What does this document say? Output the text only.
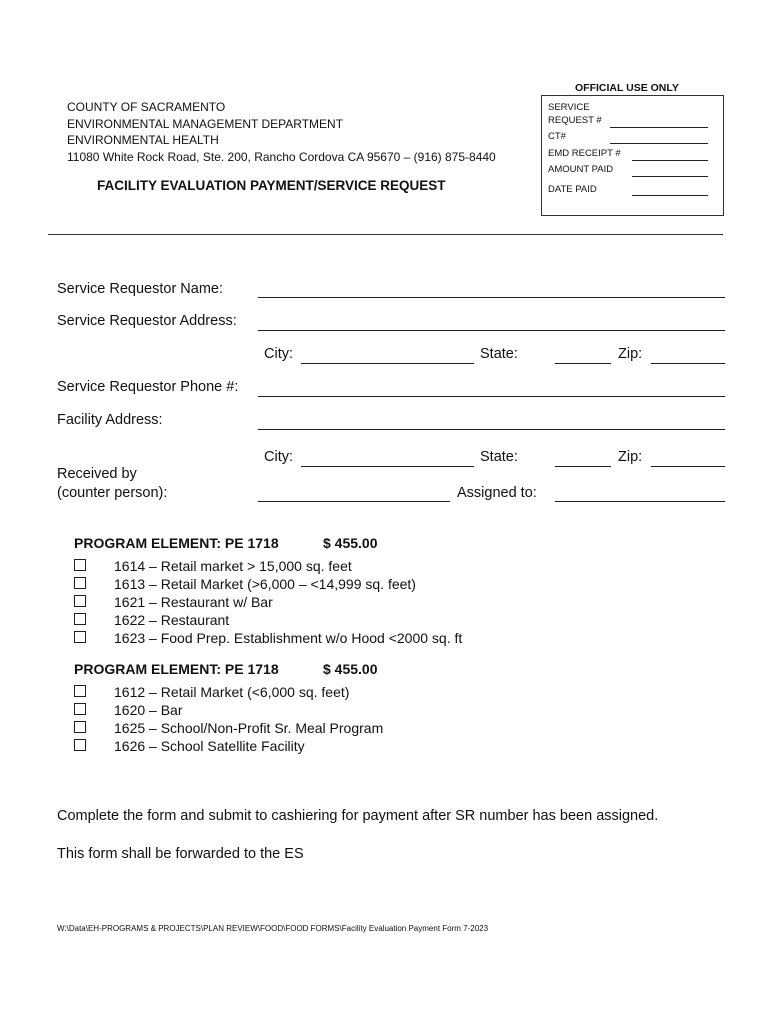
OFFICIAL USE ONLY
SERVICE
REQUEST #
CT#
EMD RECEIPT #
AMOUNT PAID
DATE PAID
COUNTY OF SACRAMENTO
ENVIRONMENTAL MANAGEMENT DEPARTMENT
ENVIRONMENTAL HEALTH
11080 White Rock Road, Ste. 200, Rancho Cordova CA 95670 – (916) 875-8440
FACILITY EVALUATION PAYMENT/SERVICE REQUEST
Service Requestor Name:
Service Requestor Address:
City:	State:	Zip:
Service Requestor Phone #:
Facility Address:
City:	State:	Zip:
Received by
(counter person):	Assigned to:
PROGRAM ELEMENT: PE 1718	$ 455.00
1614 – Retail market > 15,000 sq. feet
1613 – Retail Market (>6,000 – <14,999 sq. feet)
1621 – Restaurant w/ Bar
1622 – Restaurant
1623 – Food Prep. Establishment w/o Hood <2000 sq. ft
PROGRAM ELEMENT: PE 1718	$ 455.00
1612 – Retail Market (<6,000 sq. feet)
1620 – Bar
1625 – School/Non-Profit Sr. Meal Program
1626 – School Satellite Facility
Complete the form and submit to cashiering for payment after SR number has been assigned.
This form shall be forwarded to the ES
W:\Data\EH-PROGRAMS & PROJECTS\PLAN REVIEW\FOOD\FOOD FORMS\Facility Evaluation Payment Form 7-2023
